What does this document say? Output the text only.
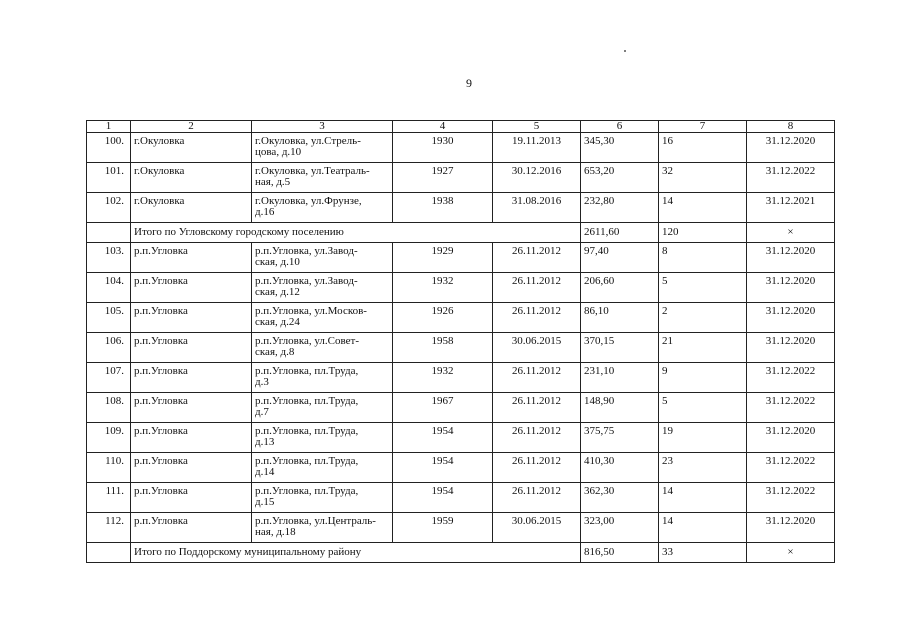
9
1	2	3	4	5	6	7	8
100.	г.Окуловка	г.Окуловка, ул.Стрель-
цова, д.10	1930	19.11.2013	345,30	16	31.12.2020
101.	г.Окуловка	г.Окуловка, ул.Театраль-
ная, д.5	1927	30.12.2016	653,20	32	31.12.2022
102.	г.Окуловка	г.Окуловка, ул.Фрунзе,
д.16	1938	31.08.2016	232,80	14	31.12.2021
	Итого по Угловскому городскому поселению				2611,60	120	×
103.	р.п.Угловка	р.п.Угловка, ул.Завод-
ская, д.10	1929	26.11.2012	97,40	8	31.12.2020
104.	р.п.Угловка	р.п.Угловка, ул.Завод-
ская, д.12	1932	26.11.2012	206,60	5	31.12.2020
105.	р.п.Угловка	р.п.Угловка, ул.Москов-
ская, д.24	1926	26.11.2012	86,10	2	31.12.2020
106.	р.п.Угловка	р.п.Угловка, ул.Совет-
ская, д.8	1958	30.06.2015	370,15	21	31.12.2020
107.	р.п.Угловка	р.п.Угловка, пл.Труда,
д.3	1932	26.11.2012	231,10	9	31.12.2022
108.	р.п.Угловка	р.п.Угловка, пл.Труда,
д.7	1967	26.11.2012	148,90	5	31.12.2022
109.	р.п.Угловка	р.п.Угловка, пл.Труда,
д.13	1954	26.11.2012	375,75	19	31.12.2020
110.	р.п.Угловка	р.п.Угловка, пл.Труда,
д.14	1954	26.11.2012	410,30	23	31.12.2022
111.	р.п.Угловка	р.п.Угловка, пл.Труда,
д.15	1954	26.11.2012	362,30	14	31.12.2022
112.	р.п.Угловка	р.п.Угловка, ул.Централь-
ная, д.18	1959	30.06.2015	323,00	14	31.12.2020
	Итого по Поддорскому муниципальному району				816,50	33	×
